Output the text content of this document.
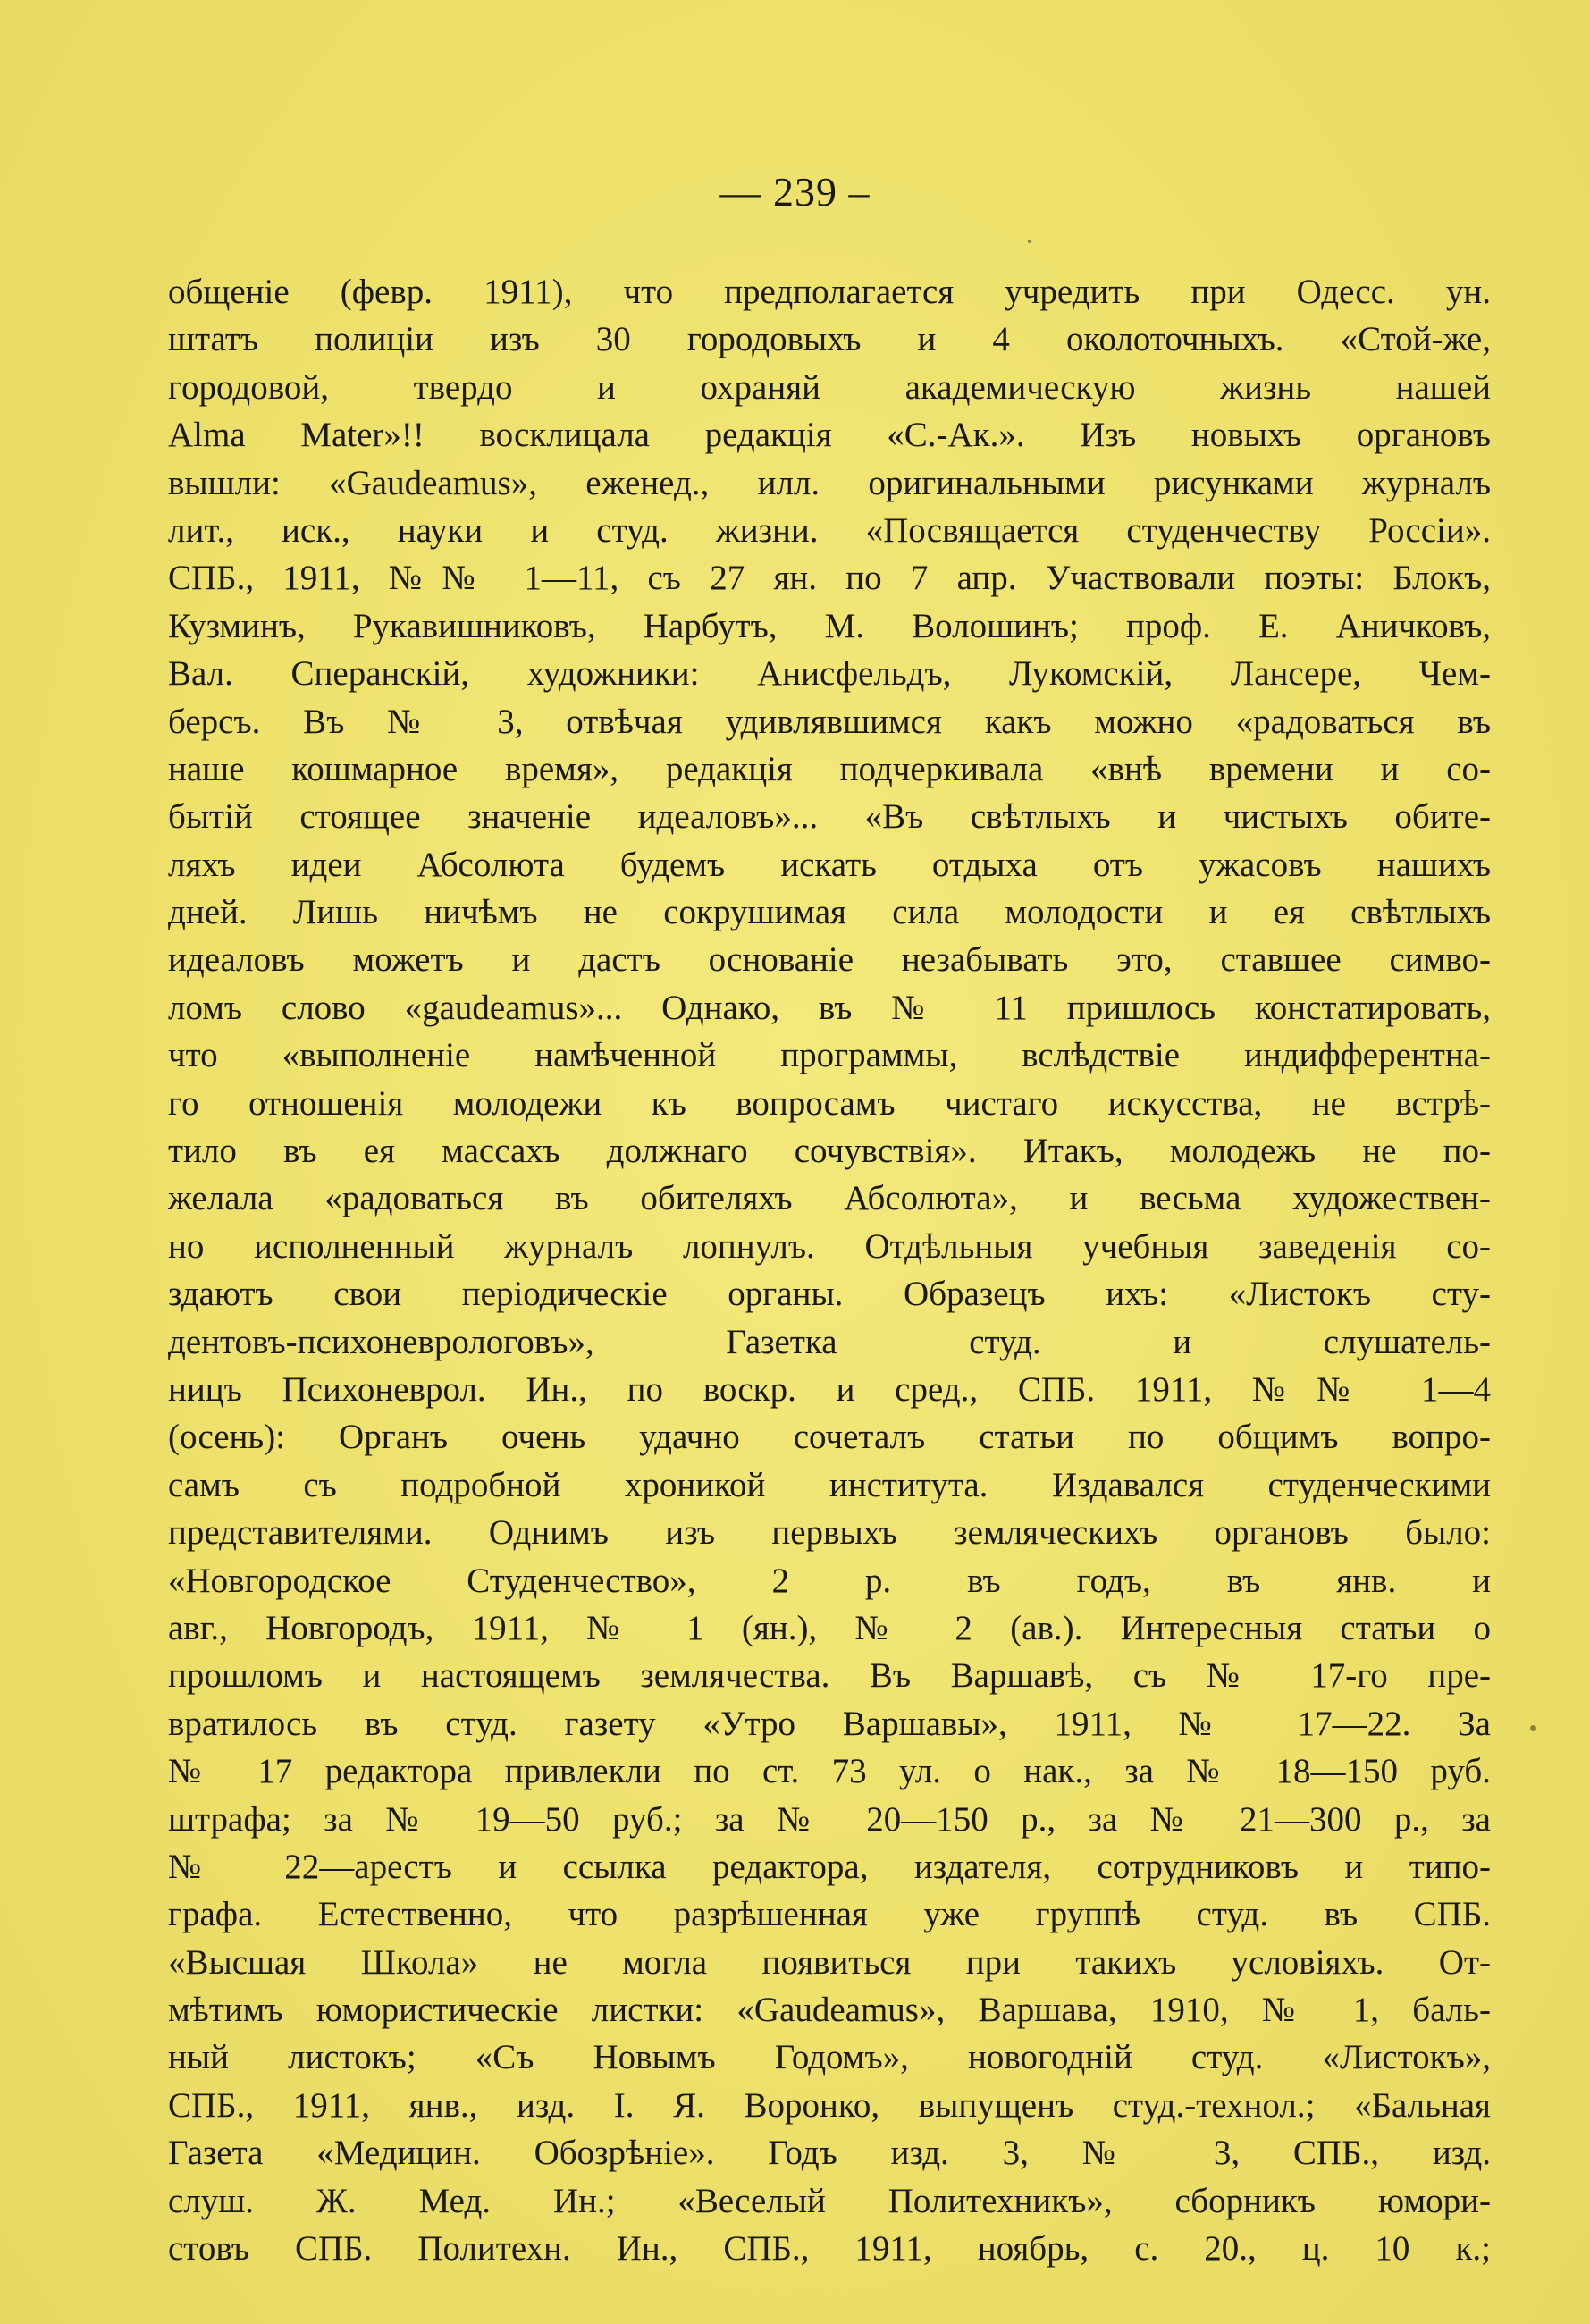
— 239 –
общеніе (февр. 1911), что предполагается учредить при Одесс. ун.
штатъ полиціи изъ 30 городовыхъ и 4 околоточныхъ. «Стой-же,
городовой, твердо и охраняй академическую жизнь нашей
Alma Mater»!! восклицала редакція «С.-Ак.». Изъ новыхъ органовъ
вышли: «Gaudeamus», еженед., илл. оригинальными рисунками журналъ
лит., иск., науки и студ. жизни. «Посвящается студенчеству Россіи».
СПБ., 1911, №№ 1—11, съ 27 ян. по 7 апр. Участвовали поэты: Блокъ,
Кузминъ, Рукавишниковъ, Нарбутъ, М. Волошинъ; проф. Е. Аничковъ,
Вал. Сперанскій, художники: Анисфельдъ, Лукомскій, Лансере, Чем-
берсъ. Въ № 3, отвѣчая удивлявшимся какъ можно «радоваться въ
наше кошмарное время», редакція подчеркивала «внѣ времени и со-
бытій стоящее значеніе идеаловъ»... «Въ свѣтлыхъ и чистыхъ обите-
ляхъ идеи Абсолюта будемъ искать отдыха отъ ужасовъ нашихъ
дней. Лишь ничѣмъ не сокрушимая сила молодости и ея свѣтлыхъ
идеаловъ можетъ и дастъ основаніе незабывать это, ставшее симво-
ломъ слово «gaudeamus»... Однако, въ № 11 пришлось констатировать,
что «выполненіе намѣченной программы, вслѣдствіе индифферентна-
го отношенія молодежи къ вопросамъ чистаго искусства, не встрѣ-
тило въ ея массахъ должнаго сочувствія». Итакъ, молодежь не по-
желала «радоваться въ обителяхъ Абсолюта», и весьма художествен-
но исполненный журналъ лопнулъ. Отдѣльныя учебныя заведенія со-
здаютъ свои періодическіе органы. Образецъ ихъ: «Листокъ сту-
дентовъ-психоневрологовъ», Газетка студ. и слушатель-
ницъ Психоневрол. Ин., по воскр. и сред., СПБ. 1911, №№ 1—4
(осень): Органъ очень удачно сочеталъ статьи по общимъ вопро-
самъ съ подробной хроникой института. Издавался студенческими
представителями. Однимъ изъ первыхъ земляческихъ органовъ было:
«Новгородское Студенчество», 2 р. въ годъ, въ янв. и
авг., Новгородъ, 1911, № 1 (ян.), № 2 (ав.). Интересныя статьи о
прошломъ и настоящемъ землячества. Въ Варшавѣ, съ № 17-го пре-
вратилось въ студ. газету «Утро Варшавы», 1911, № 17—22. За
№ 17 редактора привлекли по ст. 73 ул. о нак., за № 18—150 руб.
штрафа; за № 19—50 руб.; за № 20—150 р., за № 21—300 р., за
№ 22—арестъ и ссылка редактора, издателя, сотрудниковъ и типо-
графа. Естественно, что разрѣшенная уже группѣ студ. въ СПБ.
«Высшая Школа» не могла появиться при такихъ условіяхъ. От-
мѣтимъ юмористическіе листки: «Gaudeamus», Варшава, 1910, № 1, баль-
ный листокъ; «Съ Новымъ Годомъ», новогодній студ. «Листокъ»,
СПБ., 1911, янв., изд. І. Я. Воронко, выпущенъ студ.-технол.; «Бальная
Газета «Медицин. Обозрѣніе». Годъ изд. 3, № 3, СПБ., изд.
слуш. Ж. Мед. Ин.; «Веселый Политехникъ», сборникъ юмори-
стовъ СПБ. Политехн. Ин., СПБ., 1911, ноябрь, с. 20., ц. 10 к.;
